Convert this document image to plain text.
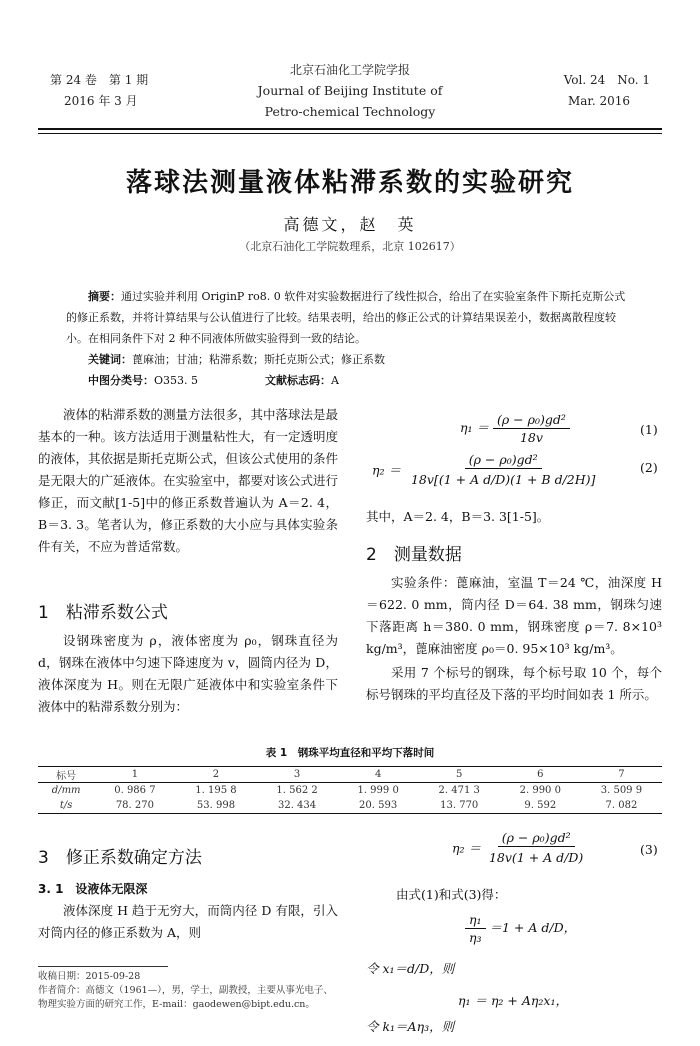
第 24 卷　第 1 期
2016 年 3 月
北京石油化工学院学报
Journal of Beijing Institute of
Petro-chemical Technology
Vol. 24　No. 1
Mar. 2016
落球法测量液体粘滞系数的实验研究
高德文，赵　英
（北京石油化工学院数理系，北京 102617）
摘要：通过实验并利用 OriginP ro8. 0 软件对实验数据进行了线性拟合，给出了在实验室条件下斯托克斯公式的修正系数，并将计算结果与公认值进行了比较。结果表明，给出的修正公式的计算结果误差小，数据离散程度较小。在相同条件下对 2 种不同液体所做实验得到一致的结论。
关键词：蓖麻油；甘油；粘滞系数；斯托克斯公式；修正系数
中图分类号：O353. 5	文献标志码：A
液体的粘滞系数的测量方法很多，其中落球法是最基本的一种。该方法适用于测量粘性大，有一定透明度的液体，其依据是斯托克斯公式，但该公式使用的条件是无限大的广延液体。在实验室中，都要对该公式进行修正，而文献[1-5]中的修正系数普遍认为 A＝2. 4，B＝3. 3。笔者认为，修正系数的大小应与具体实验条件有关，不应为普适常数。
1　粘滞系数公式
设钢珠密度为 ρ，液体密度为 ρ₀，钢珠直径为 d，钢珠在液体中匀速下降速度为 v，圆筒内径为 D，液体深度为 H。则在无限广延液体中和实验室条件下液体中的粘滞系数分别为：
$\eta_1 = \frac{\text{(ρ − ρ₀)gd²}}{18v}$	(1)
$\eta_2 = \frac{\text{(ρ − ρ₀)gd²}}{\text{18v[(1 + A d/D)(1 + B d/2H)]}}$	(2)
其中，A＝2. 4，B＝3. 3[1-5]。
2　测量数据
实验条件：蓖麻油，室温 T＝24 ℃，油深度 H＝622. 0 mm，筒内径 D＝64. 38 mm，钢珠匀速下落距离 h＝380. 0 mm，钢珠密度 ρ＝7. 8×10³ kg/m³，蓖麻油密度 ρ₀＝0. 95×10³ kg/m³。
采用 7 个标号的钢珠，每个标号取 10 个，每个标号钢珠的平均直径及下落的平均时间如表 1 所示。
表 1　钢珠平均直径和平均下落时间
标号	1	2	3	4	5	6	7
d/mm	0. 986 7	1. 195 8	1. 562 2	1. 999 0	2. 471 3	2. 990 0	3. 509 9
t/s	78. 270	53. 998	32. 434	20. 593	13. 770	9. 592	7. 082
3　修正系数确定方法
3. 1　设液体无限深
液体深度 H 趋于无穷大，而筒内径 D 有限，引入对筒内径的修正系数为 A，则
收稿日期：2015-09-28
作者简介：高德文（1961—），男，学士，副教授，主要从事光电子、物理实验方面的研究工作，E-mail：gaodewen@bipt.edu.cn。
$\eta_2 = \frac{\text{(ρ − ρ₀)gd²}}{\text{18v(1 + A d/D)}}$	(3)
由式(1)和式(3)得：
$\frac{\text{η₁}}{\text{η₃}} =1 + A$ d/D，
令 x₁＝d/D，则
η₁ ＝ η₂ + Aη₂x₁，
令 k₁＝Aη₃，则
